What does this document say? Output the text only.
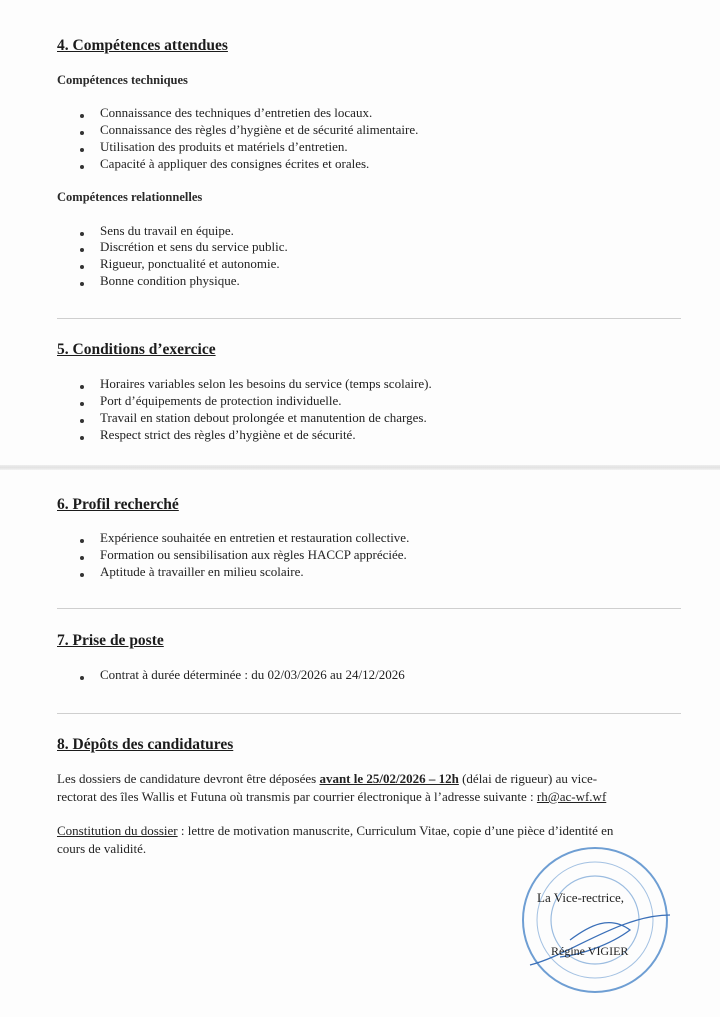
4. Compétences attendues
Compétences techniques
Connaissance des techniques d’entretien des locaux.
Connaissance des règles d’hygiène et de sécurité alimentaire.
Utilisation des produits et matériels d’entretien.
Capacité à appliquer des consignes écrites et orales.
Compétences relationnelles
Sens du travail en équipe.
Discrétion et sens du service public.
Rigueur, ponctualité et autonomie.
Bonne condition physique.
5. Conditions d’exercice
Horaires variables selon les besoins du service (temps scolaire).
Port d’équipements de protection individuelle.
Travail en station debout prolongée et manutention de charges.
Respect strict des règles d’hygiène et de sécurité.
6. Profil recherché
Expérience souhaitée en entretien et restauration collective.
Formation ou sensibilisation aux règles HACCP appréciée.
Aptitude à travailler en milieu scolaire.
7. Prise de poste
Contrat à durée déterminée : du 02/03/2026 au 24/12/2026
8. Dépôts des candidatures
Les dossiers de candidature devront être déposées avant le 25/02/2026 – 12h (délai de rigueur) au vice-
rectorat des îles Wallis et Futuna où transmis par courrier électronique à l’adresse suivante : rh@ac-wf.wf
Constitution du dossier : lettre de motivation manuscrite, Curriculum Vitae, copie d’une pièce d’identité en
cours de validité.
La Vice-rectrice,
Régine VIGIER
